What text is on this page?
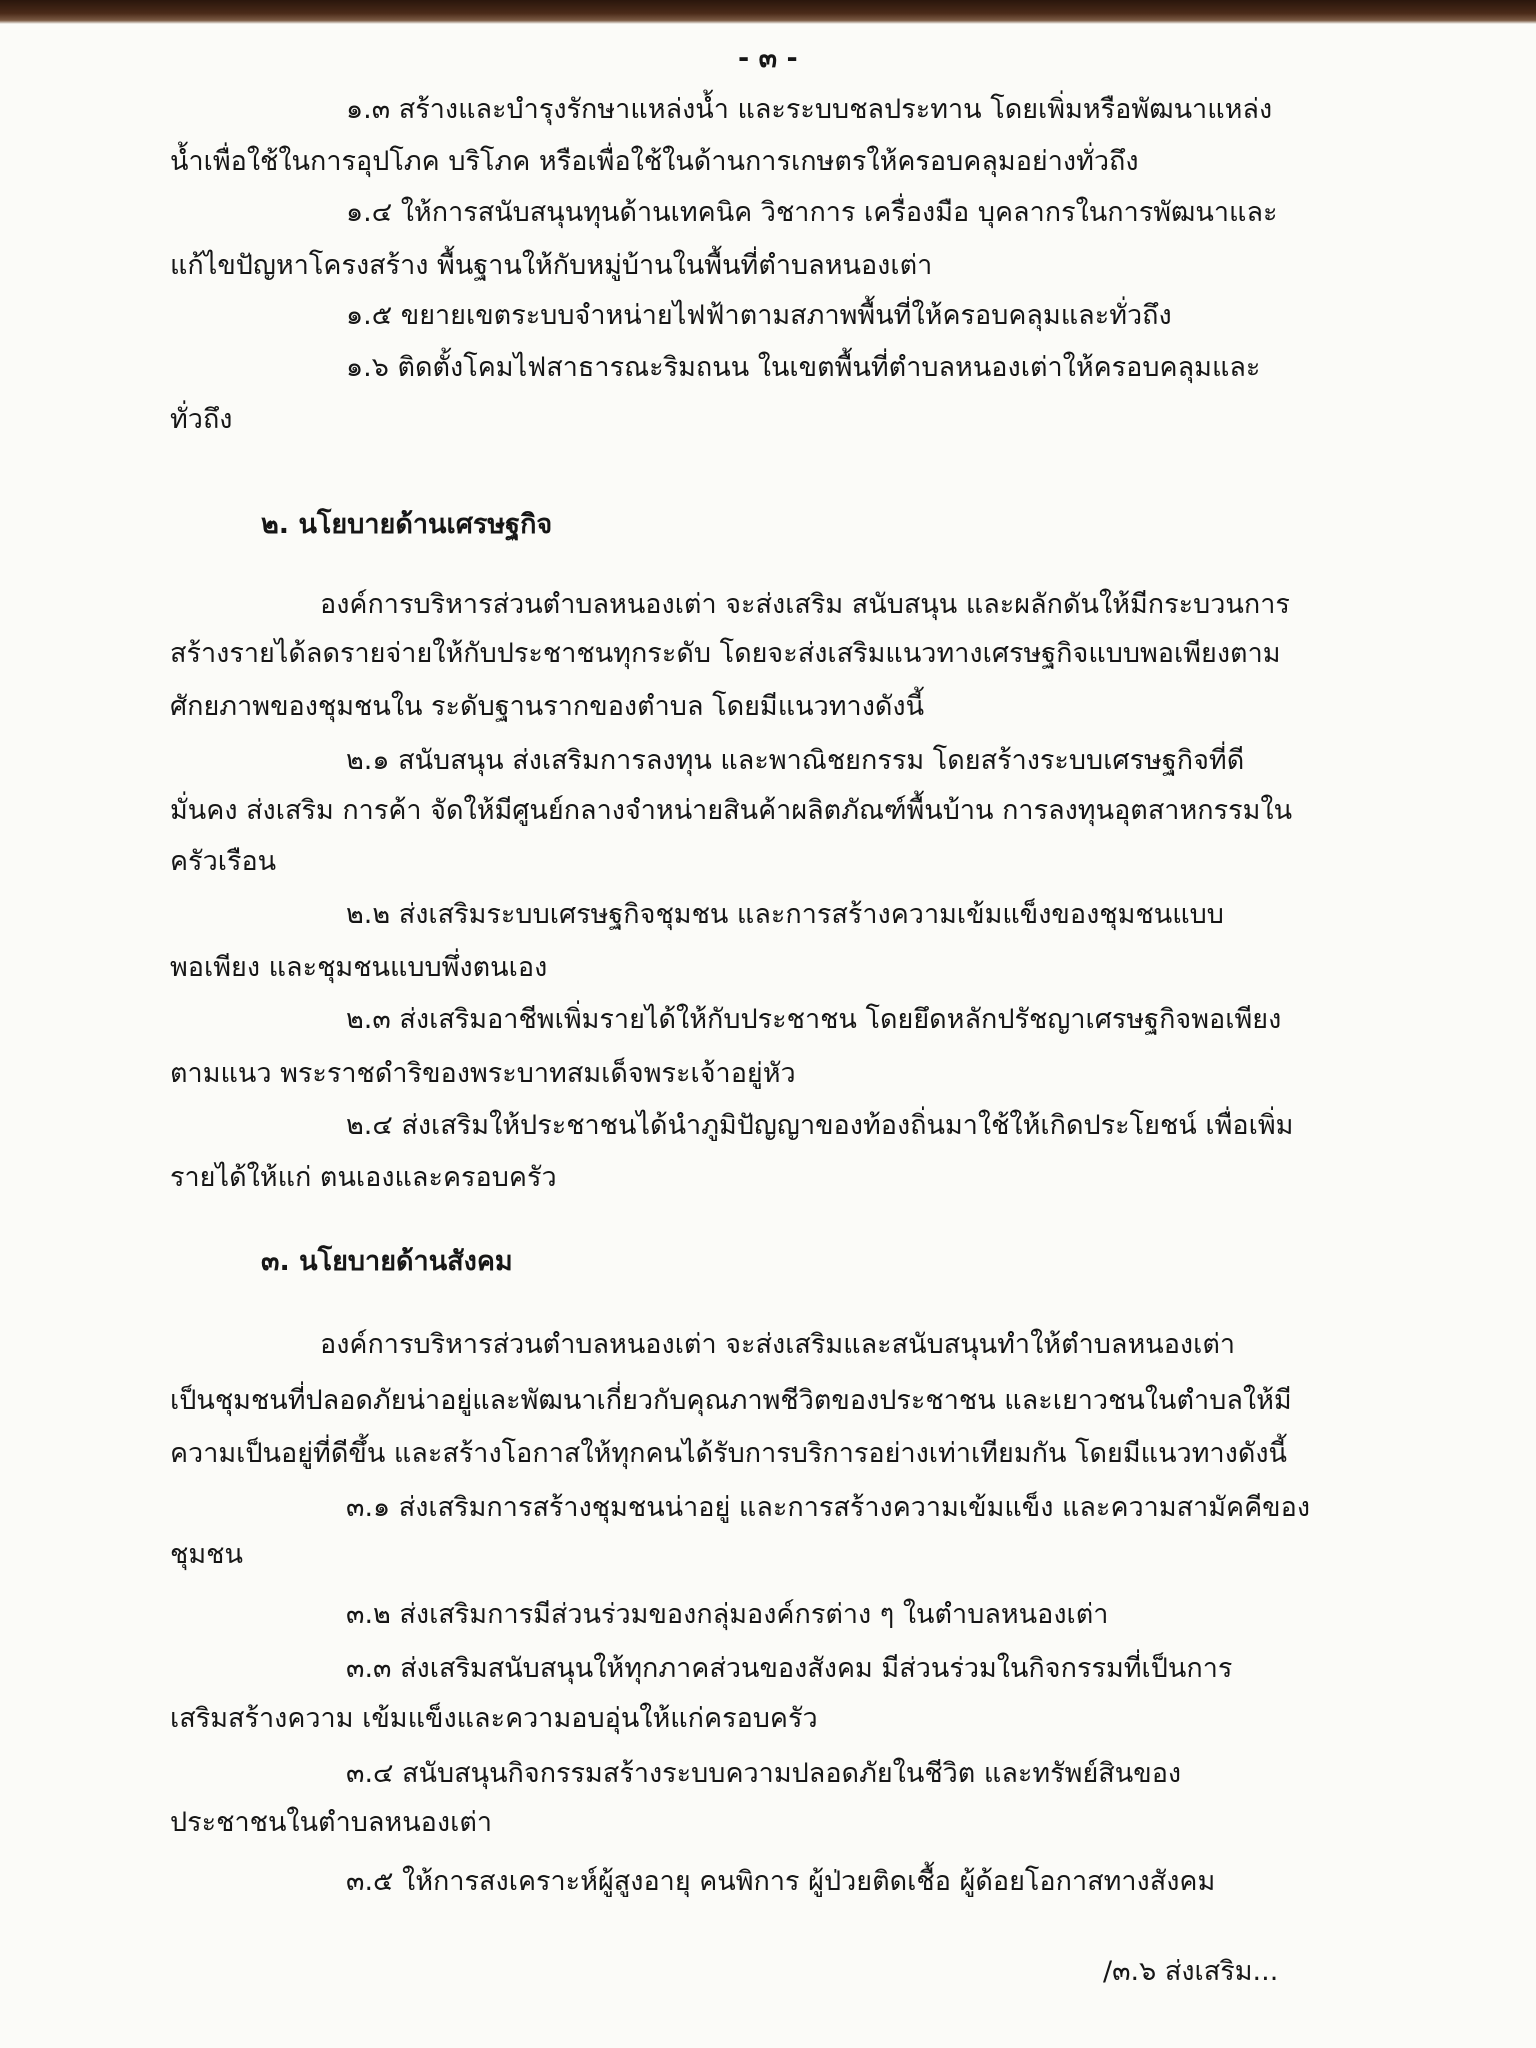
- ๓ -
๑.๓ สร้างและบำรุงรักษาแหล่งน้ำ และระบบชลประทาน โดยเพิ่มหรือพัฒนาแหล่ง
น้ำเพื่อใช้ในการอุปโภค บริโภค หรือเพื่อใช้ในด้านการเกษตรให้ครอบคลุมอย่างทั่วถึง
๑.๔ ให้การสนับสนุนทุนด้านเทคนิค วิชาการ เครื่องมือ บุคลากรในการพัฒนาและ
แก้ไขปัญหาโครงสร้าง พื้นฐานให้กับหมู่บ้านในพื้นที่ตำบลหนองเต่า
๑.๕ ขยายเขตระบบจำหน่ายไฟฟ้าตามสภาพพื้นที่ให้ครอบคลุมและทั่วถึง
๑.๖ ติดตั้งโคมไฟสาธารณะริมถนน ในเขตพื้นที่ตำบลหนองเต่าให้ครอบคลุมและ
ทั่วถึง
๒. นโยบายด้านเศรษฐกิจ
องค์การบริหารส่วนตำบลหนองเต่า จะส่งเสริม สนับสนุน และผลักดันให้มีกระบวนการ
สร้างรายได้ลดรายจ่ายให้กับประชาชนทุกระดับ โดยจะส่งเสริมแนวทางเศรษฐกิจแบบพอเพียงตาม
ศักยภาพของชุมชนใน ระดับฐานรากของตำบล โดยมีแนวทางดังนี้
๒.๑ สนับสนุน ส่งเสริมการลงทุน และพาณิชยกรรม โดยสร้างระบบเศรษฐกิจที่ดี
มั่นคง ส่งเสริม การค้า จัดให้มีศูนย์กลางจำหน่ายสินค้าผลิตภัณฑ์พื้นบ้าน การลงทุนอุตสาหกรรมใน
ครัวเรือน
๒.๒ ส่งเสริมระบบเศรษฐกิจชุมชน และการสร้างความเข้มแข็งของชุมชนแบบ
พอเพียง และชุมชนแบบพึ่งตนเอง
๒.๓ ส่งเสริมอาชีพเพิ่มรายได้ให้กับประชาชน โดยยึดหลักปรัชญาเศรษฐกิจพอเพียง
ตามแนว พระราชดำริของพระบาทสมเด็จพระเจ้าอยู่หัว
๒.๔ ส่งเสริมให้ประชาชนได้นำภูมิปัญญาของท้องถิ่นมาใช้ให้เกิดประโยชน์ เพื่อเพิ่ม
รายได้ให้แก่ ตนเองและครอบครัว
๓. นโยบายด้านสังคม
องค์การบริหารส่วนตำบลหนองเต่า จะส่งเสริมและสนับสนุนทำให้ตำบลหนองเต่า
เป็นชุมชนที่ปลอดภัยน่าอยู่และพัฒนาเกี่ยวกับคุณภาพชีวิตของประชาชน และเยาวชนในตำบลให้มี
ความเป็นอยู่ที่ดีขึ้น และสร้างโอกาสให้ทุกคนได้รับการบริการอย่างเท่าเทียมกัน โดยมีแนวทางดังนี้
๓.๑ ส่งเสริมการสร้างชุมชนน่าอยู่ และการสร้างความเข้มแข็ง และความสามัคคีของ
ชุมชน
๓.๒ ส่งเสริมการมีส่วนร่วมของกลุ่มองค์กรต่าง ๆ ในตำบลหนองเต่า
๓.๓ ส่งเสริมสนับสนุนให้ทุกภาคส่วนของสังคม มีส่วนร่วมในกิจกรรมที่เป็นการ
เสริมสร้างความ เข้มแข็งและความอบอุ่นให้แก่ครอบครัว
๓.๔ สนับสนุนกิจกรรมสร้างระบบความปลอดภัยในชีวิต และทรัพย์สินของ
ประชาชนในตำบลหนองเต่า
๓.๕ ให้การสงเคราะห์ผู้สูงอายุ คนพิการ ผู้ป่วยติดเชื้อ ผู้ด้อยโอกาสทางสังคม
/๓.๖ ส่งเสริม...
